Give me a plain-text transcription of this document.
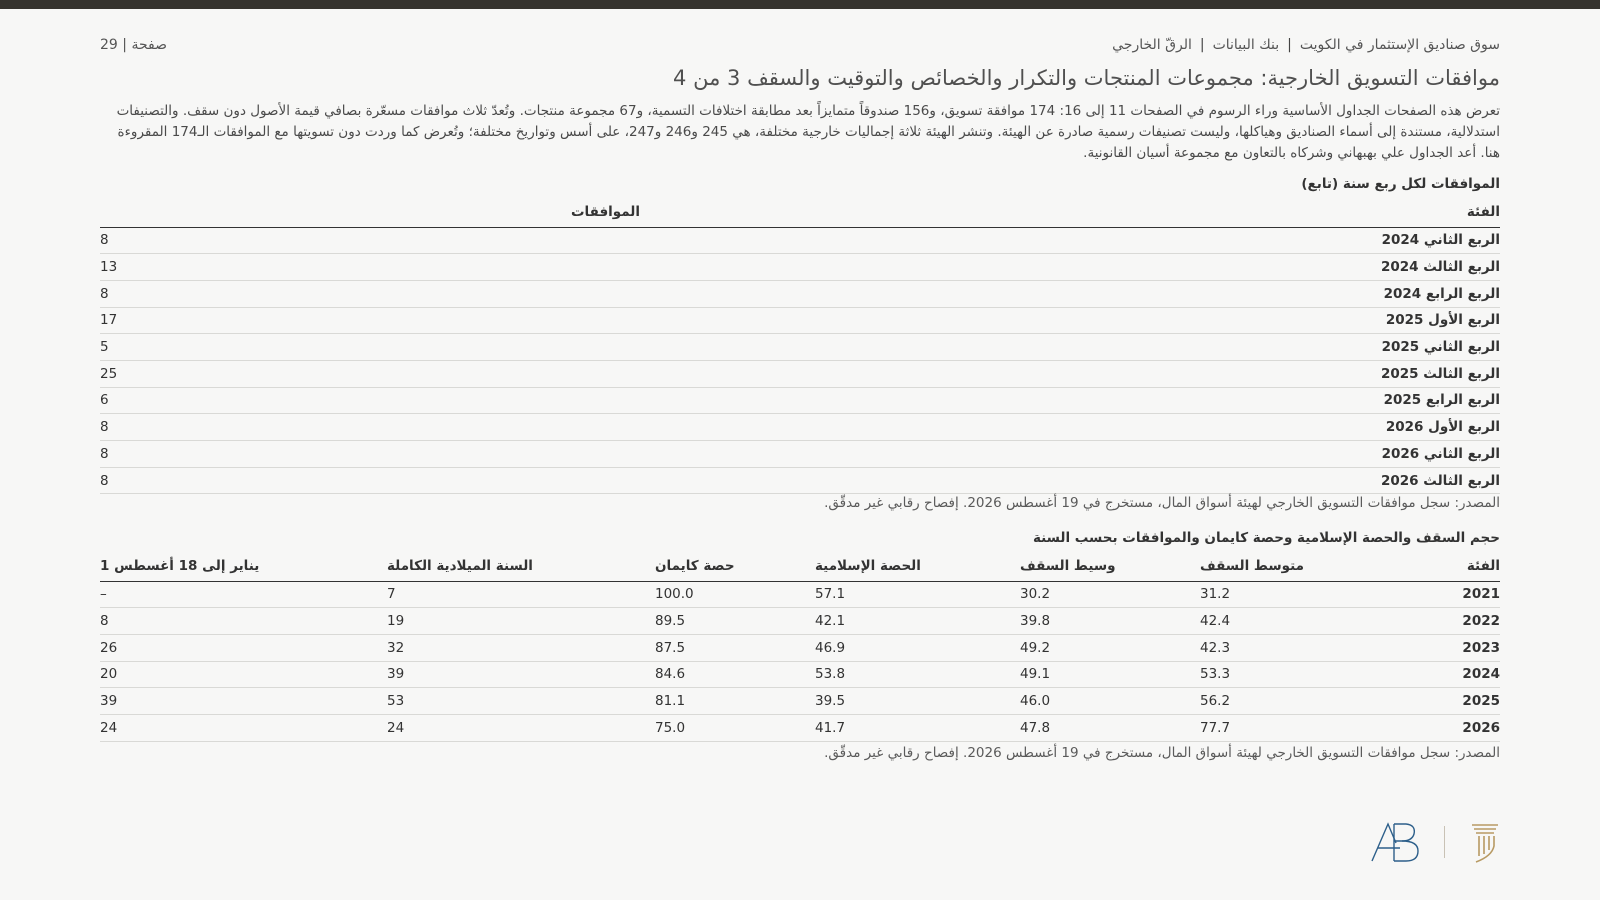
سوق صناديق الإستثمار في الكويت
|
بنك البيانات
|
الرقّ الخارجي
صفحة | 29
موافقات التسويق الخارجية: مجموعات المنتجات والتكرار والخصائص والتوقيت والسقف 3 من 4

تعرض هذه الصفحات الجداول الأساسية وراء الرسوم في الصفحات 11 إلى 16: 174 موافقة تسويق، و156 صندوقاً متمايزاً بعد مطابقة اختلافات التسمية، و67 مجموعة منتجات. وتُعدّ ثلاث موافقات مسعّرة بصافي قيمة الأصول دون سقف. والتصنيفات استدلالية، مستندة إلى أسماء الصناديق وهياكلها، وليست تصنيفات رسمية صادرة عن الهيئة. وتنشر الهيئة ثلاثة إجماليات خارجية مختلفة، هي 245 و246 و247، على أسس وتواريخ مختلفة؛ وتُعرض كما وردت دون تسويتها مع الموافقات الـ174 المقروءة هنا. أعد الجداول علي بهبهاني وشركاه بالتعاون مع مجموعة أسيان القانونية.

الموافقات لكل ربع سنة (تابع)
الفئة	الموافقات
الربع الثاني 2024	8
الربع الثالث 2024	13
الربع الرابع 2024	8
الربع الأول 2025	17
الربع الثاني 2025	5
الربع الثالث 2025	25
الربع الرابع 2025	6
الربع الأول 2026	8
الربع الثاني 2026	8
الربع الثالث 2026	8
المصدر: سجل موافقات التسويق الخارجي لهيئة أسواق المال، مستخرج في 19 أغسطس 2026. إفصاح رقابي غير مدقّق.
حجم السقف والحصة الإسلامية وحصة كايمان والموافقات بحسب السنة
	الفئة	متوسط السقف	وسيط السقف	الحصة الإسلامية	حصة كايمان	السنة الميلادية الكاملة	يناير إلى 18 أغسطس 1
	2021	31.2	30.2	57.1	100.0	7	–
	2022	42.4	39.8	42.1	89.5	19	8
	2023	42.3	49.2	46.9	87.5	32	26
	2024	53.3	49.1	53.8	84.6	39	20
	2025	56.2	46.0	39.5	81.1	53	39
	2026	77.7	47.8	41.7	75.0	24	24
المصدر: سجل موافقات التسويق الخارجي لهيئة أسواق المال، مستخرج في 19 أغسطس 2026. إفصاح رقابي غير مدقّق.
